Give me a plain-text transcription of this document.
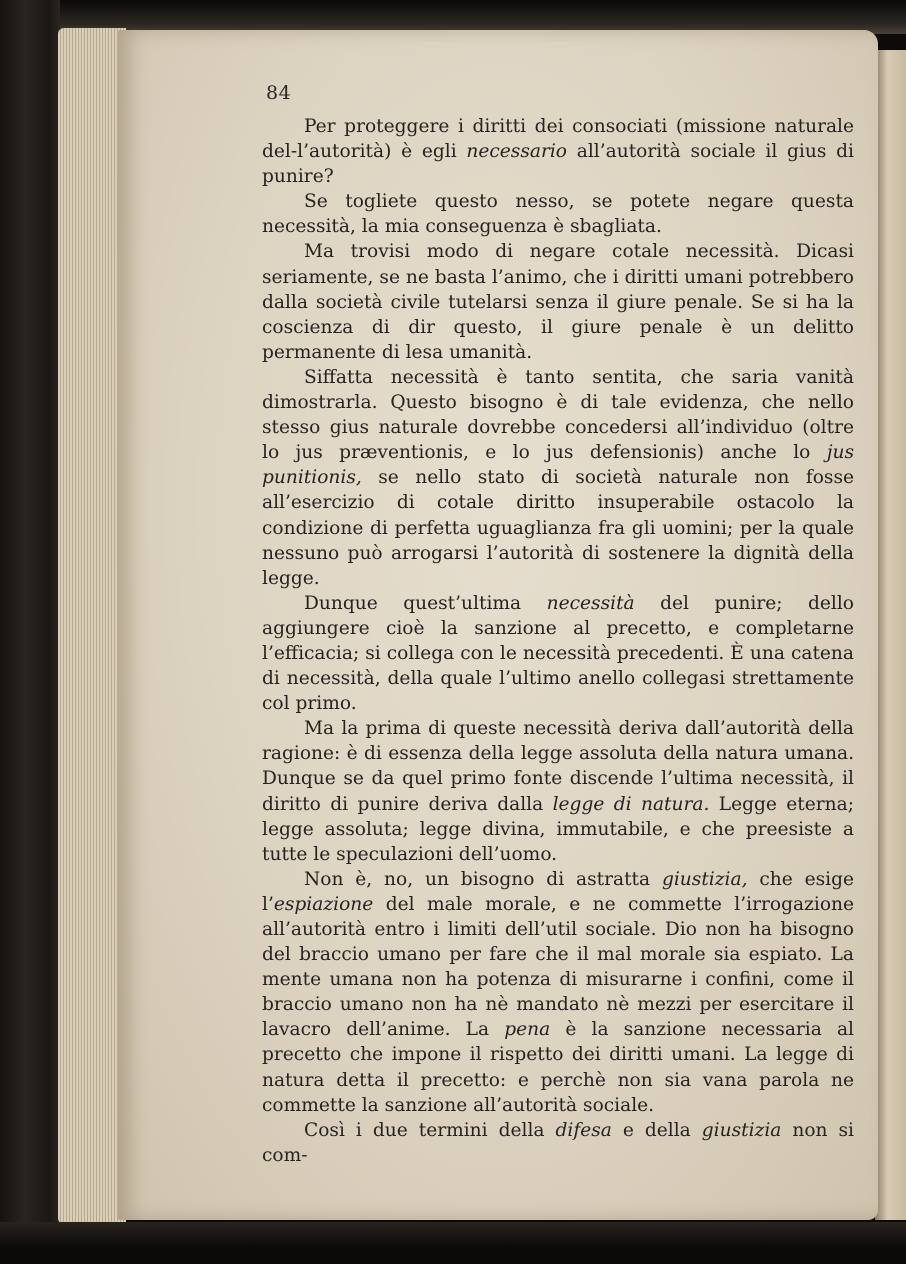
84

Per proteggere i diritti dei consociati (missione naturale del-l’autorità) è egli necessario all’autorità sociale il gius di punire?

Se togliete questo nesso, se potete negare questa necessità, la mia conseguenza è sbagliata.

Ma trovisi modo di negare cotale necessità. Dicasi seriamente, se ne basta l’animo, che i diritti umani potrebbero dalla società civile tutelarsi senza il giure penale. Se si ha la coscienza di dir questo, il giure penale è un delitto permanente di lesa umanità.

Siffatta necessità è tanto sentita, che saria vanità dimostrarla. Questo bisogno è di tale evidenza, che nello stesso gius naturale dovrebbe concedersi all’individuo (oltre lo jus præventionis, e lo jus defensionis) anche lo jus punitionis, se nello stato di società naturale non fosse all’esercizio di cotale diritto insuperabile ostacolo la condizione di perfetta uguaglianza fra gli uomini; per la quale nessuno può arrogarsi l’autorità di sostenere la dignità della legge.

Dunque quest’ultima necessità del punire; dello aggiungere cioè la sanzione al precetto, e completarne l’efficacia; si collega con le necessità precedenti. È una catena di necessità, della quale l’ultimo anello collegasi strettamente col primo.

Ma la prima di queste necessità deriva dall’autorità della ragione: è di essenza della legge assoluta della natura umana. Dunque se da quel primo fonte discende l’ultima necessità, il diritto di punire deriva dalla legge di natura. Legge eterna; legge assoluta; legge divina, immutabile, e che preesiste a tutte le speculazioni dell’uomo.

Non è, no, un bisogno di astratta giustizia, che esige l’espiazione del male morale, e ne commette l’irrogazione all’autorità entro i limiti dell’util sociale. Dio non ha bisogno del braccio umano per fare che il mal morale sia espiato. La mente umana non ha potenza di misurarne i confini, come il braccio umano non ha nè mandato nè mezzi per esercitare il lavacro dell’anime. La pena è la sanzione necessaria al precetto che impone il rispetto dei diritti umani. La legge di natura detta il precetto: e perchè non sia vana parola ne commette la sanzione all’autorità sociale.

Così i due termini della difesa e della giustizia non si com-
